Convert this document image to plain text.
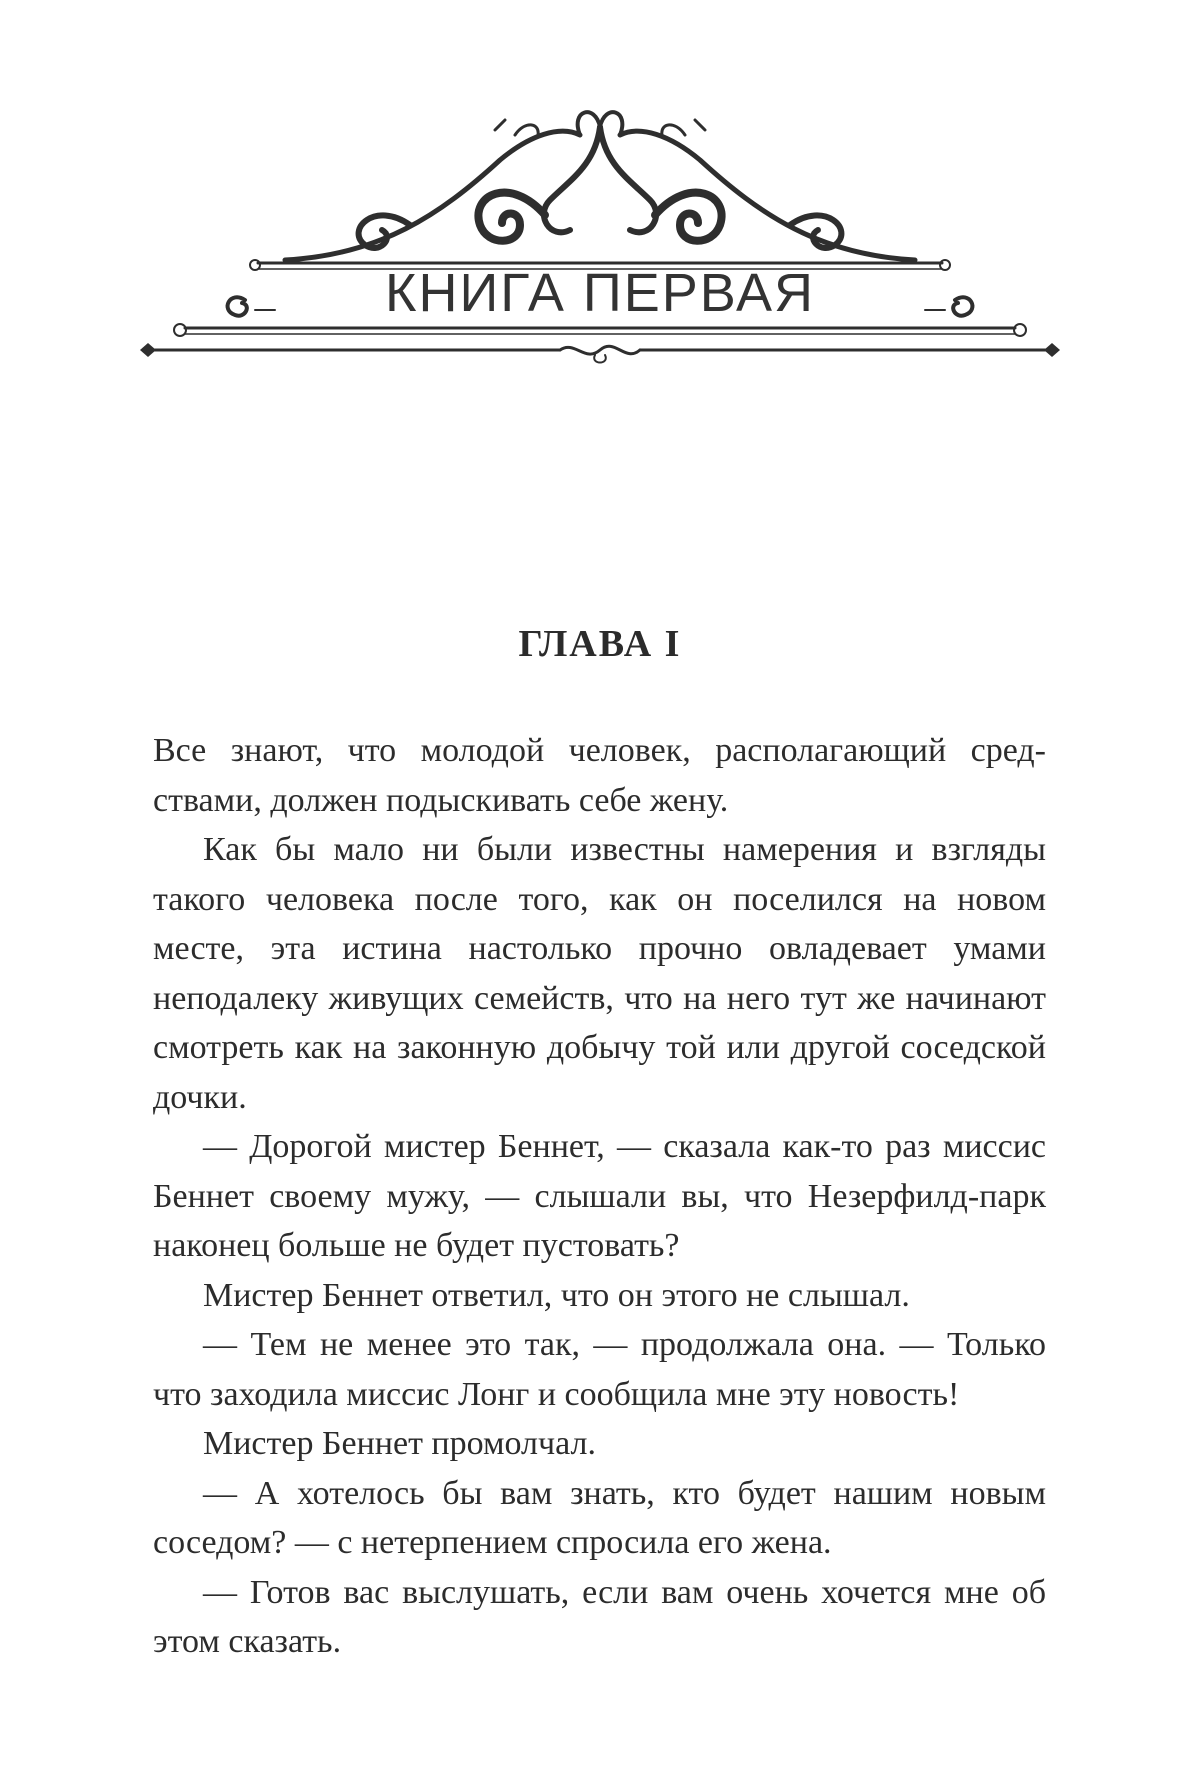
КНИГА ПЕРВАЯ
ГЛАВА I

Все знают, что молодой человек, располагающий средствами, должен подыскивать себе жену.

Как бы мало ни были известны намерения и взгляды такого человека после того, как он поселился на новом месте, эта истина настолько прочно овладевает умами неподалеку живущих семейств, что на него тут же начинают смотреть как на законную добычу той или другой соседской дочки.

— Дорогой мистер Беннет, — сказала как-то раз миссис Беннет своему мужу, — слышали вы, что Незерфилд-парк наконец больше не будет пустовать?

Мистер Беннет ответил, что он этого не слышал.

— Тем не менее это так, — продолжала она. — Только что заходила миссис Лонг и сообщила мне эту новость!

Мистер Беннет промолчал.

— А хотелось бы вам знать, кто будет нашим новым соседом? — с нетерпением спросила его жена.

— Готов вас выслушать, если вам очень хочется мне об этом сказать.
